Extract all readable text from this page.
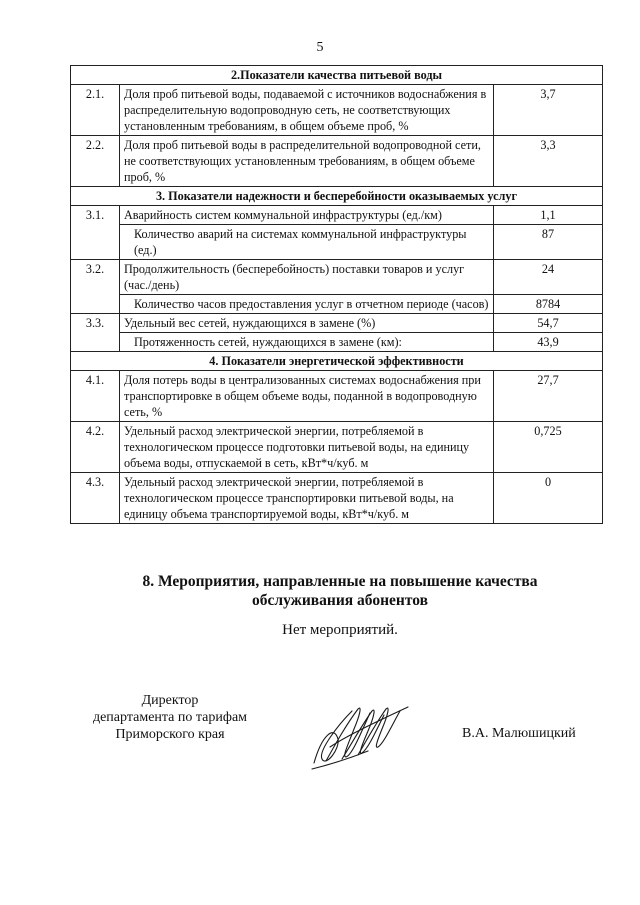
5
2.Показатели качества питьевой воды		
2.1.	Доля проб питьевой воды, подаваемой с источников водоснабжения в распределительную водопроводную сеть, не соответствующих установленным требованиям, в общем объеме проб, %	3,7
2.2.	Доля проб питьевой воды в распределительной водопроводной сети, не соответствующих установленным требованиям, в общем объеме проб, %	3,3
3. Показатели надежности и бесперебойности оказываемых услуг		
3.1.	Аварийность систем коммунальной инфраструктуры (ед./км)	1,1
	Количество аварий на системах коммунальной инфраструктуры (ед.)	87
3.2.	Продолжительность (бесперебойность) поставки товаров и услуг (час./день)	24
	Количество часов предоставления услуг в отчетном периоде (часов)	8784
3.3.	Удельный вес сетей, нуждающихся в замене (%)	54,7
	Протяженность сетей, нуждающихся в замене (км):	43,9
4. Показатели энергетической эффективности		
4.1.	Доля потерь воды в централизованных системах водоснабжения при транспортировке в общем объеме воды, поданной в водопроводную сеть, %	27,7
4.2.	Удельный расход электрической энергии, потребляемой в технологическом процессе подготовки питьевой воды, на единицу объема воды, отпускаемой в сеть, кВт*ч/куб. м	0,725
4.3.	Удельный расход электрической энергии, потребляемой в технологическом процессе транспортировки питьевой воды, на единицу объема транспортируемой воды, кВт*ч/куб. м	0
8. Мероприятия, направленные на повышение качества
обслуживания абонентов
Нет мероприятий.
Директор
департамента по тарифам
Приморского края	В.А. Малюшицкий
